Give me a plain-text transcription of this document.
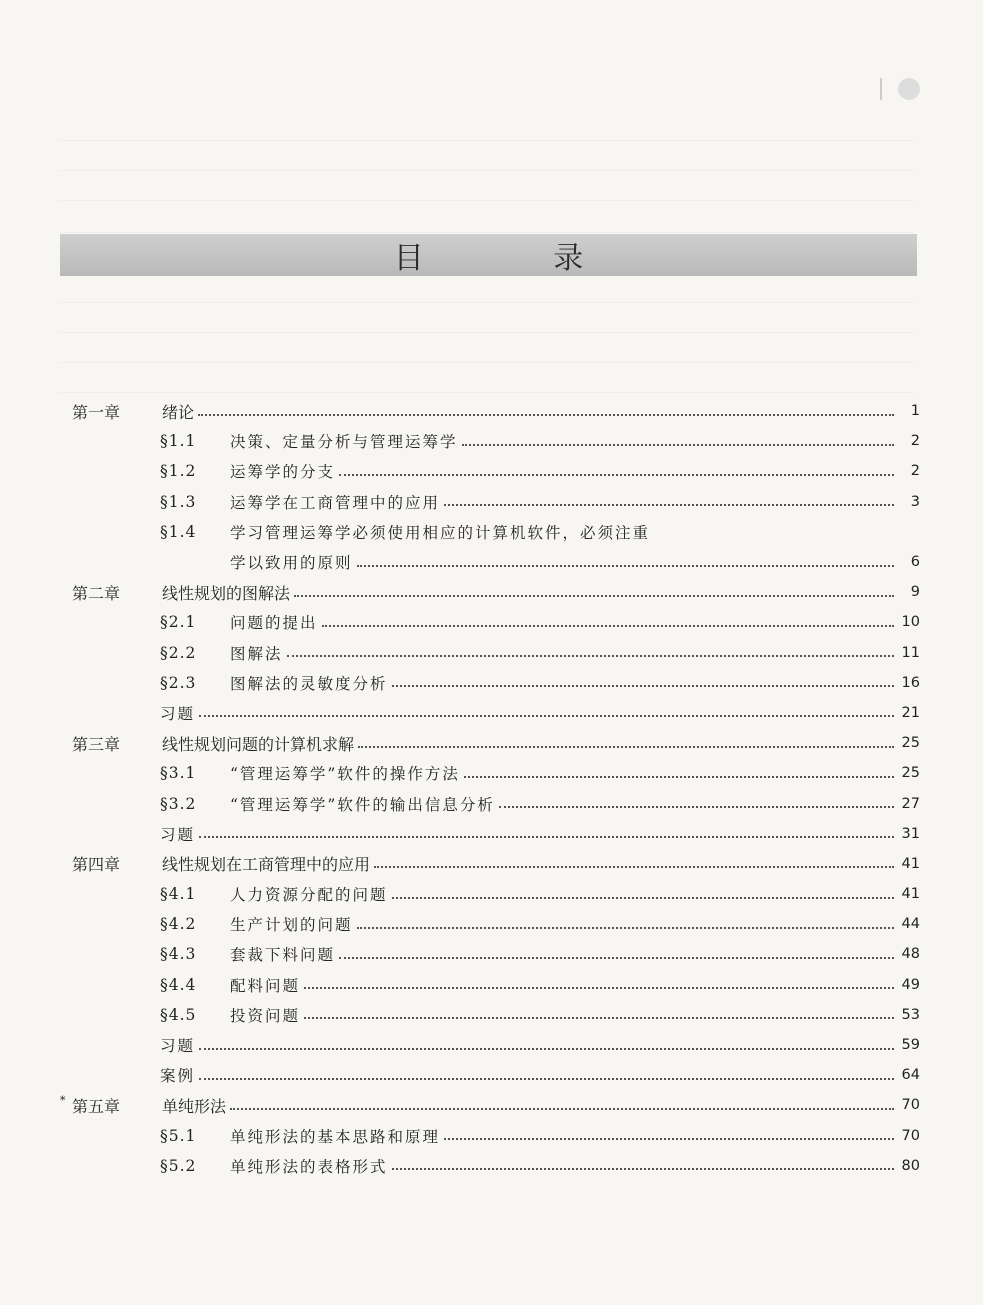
目 录
第一章	绪论	1
§1.1	决策、定量分析与管理运筹学	2
§1.2	运筹学的分支	2
§1.3	运筹学在工商管理中的应用	3
§1.4	学习管理运筹学必须使用相应的计算机软件，必须注重
学以致用的原则	6
第二章	线性规划的图解法	9
§2.1	问题的提出	10
§2.2	图解法	11
§2.3	图解法的灵敏度分析	16
习题	21
第三章	线性规划问题的计算机求解	25
§3.1	“管理运筹学”软件的操作方法	25
§3.2	“管理运筹学”软件的输出信息分析	27
习题	31
第四章	线性规划在工商管理中的应用	41
§4.1	人力资源分配的问题	41
§4.2	生产计划的问题	44
§4.3	套裁下料问题	48
§4.4	配料问题	49
§4.5	投资问题	53
习题	59
案例	64
* 第五章	单纯形法	70
§5.1	单纯形法的基本思路和原理	70
§5.2	单纯形法的表格形式	80
